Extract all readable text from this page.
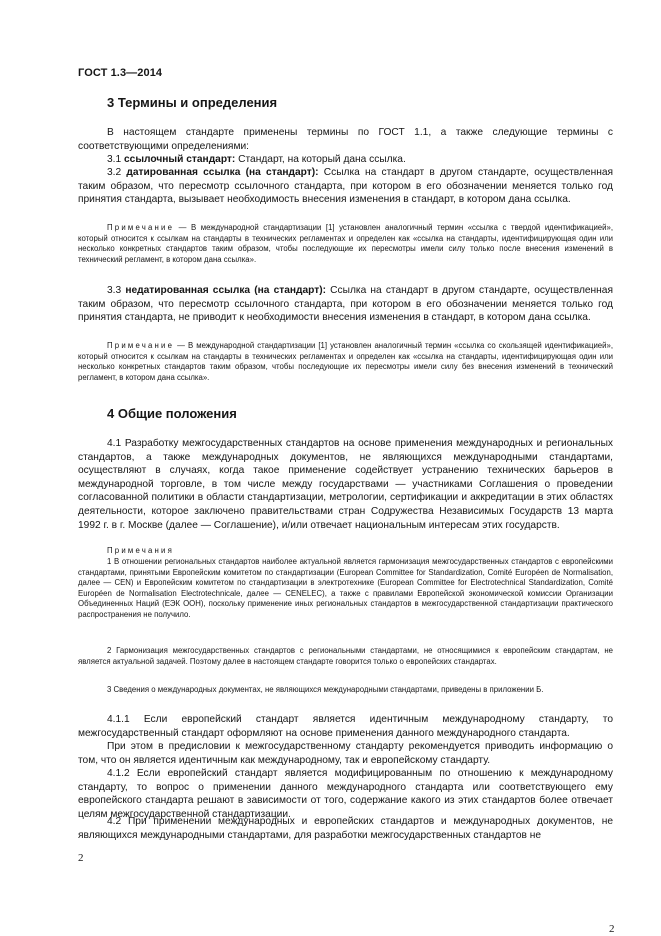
ГОСТ 1.3—2014
3 Термины и определения
В настоящем стандарте применены термины по ГОСТ 1.1, а также следующие термины с соответствующими определениями:
3.1 ссылочный стандарт: Стандарт, на который дана ссылка.
3.2 датированная ссылка (на стандарт): Ссылка на стандарт в другом стандарте, осуществленная таким образом, что пересмотр ссылочного стандарта, при котором в его обозначении меняется только год принятия стандарта, вызывает необходимость внесения изменения в стандарт, в котором дана ссылка.
Примечание — В международной стандартизации [1] установлен аналогичный термин «ссылка с твердой идентификацией», который относится к ссылкам на стандарты в технических регламентах и определен как «ссылка на стандарты, идентифицирующая один или несколько конкретных стандартов таким образом, чтобы последующие их пересмотры имели силу только после внесения изменений в технический регламент, в котором дана ссылка».
3.3 недатированная ссылка (на стандарт): Ссылка на стандарт в другом стандарте, осуществленная таким образом, что пересмотр ссылочного стандарта, при котором в его обозначении меняется только год принятия стандарта, не приводит к необходимости внесения изменения в стандарт, в котором дана ссылка.
Примечание — В международной стандартизации [1] установлен аналогичный термин «ссылка со скользящей идентификацией», который относится к ссылкам на стандарты в технических регламентах и определен как «ссылка на стандарты, идентифицирующая один или несколько конкретных стандартов таким образом, чтобы последующие их пересмотры имели силу без внесения изменений в технический регламент, в котором дана ссылка».
4 Общие положения
4.1 Разработку межгосударственных стандартов на основе применения международных и региональных стандартов, а также международных документов, не являющихся международными стандартами, осуществляют в случаях, когда такое применение содействует устранению технических барьеров в международной торговле, в том числе между государствами — участниками Соглашения о проведении согласованной политики в области стандартизации, метрологии, сертификации и аккредитации в этих областях деятельности, которое заключено правительствами стран Содружества Независимых Государств 13 марта 1992 г. в г. Москве (далее — Соглашение), и/или отвечает национальным интересам этих государств.
Примечания
1 В отношении региональных стандартов наиболее актуальной является гармонизация межгосударственных стандартов с европейскими стандартами, принятыми Европейским комитетом по стандартизации (European Committee for Standardization, Comité Européen de Normalisation, далее — CEN) и Европейским комитетом по стандартизации в электротехнике (European Committee for Electrotechnical Standardization, Comité Européen de Normalisation Electrotechnicale, далее — CENELEC), а также с правилами Европейской экономической комиссии Организации Объединенных Наций (ЕЭК ООН), поскольку применение иных региональных стандартов в межгосударственной стандартизации практического распространения не получило.
2 Гармонизация межгосударственных стандартов с региональными стандартами, не относящимися к европейским стандартам, не является актуальной задачей. Поэтому далее в настоящем стандарте говорится только о европейских стандартах.
3 Сведения о международных документах, не являющихся международными стандартами, приведены в приложении Б.
4.1.1 Если европейский стандарт является идентичным международному стандарту, то межгосударственный стандарт оформляют на основе применения данного международного стандарта.
При этом в предисловии к межгосударственному стандарту рекомендуется приводить информацию о том, что он является идентичным как международному, так и европейскому стандарту.
4.1.2 Если европейский стандарт является модифицированным по отношению к международному стандарту, то вопрос о применении данного международного стандарта или соответствующего ему европейского стандарта решают в зависимости от того, содержание какого из этих стандартов более отвечает целям межгосударственной стандартизации.
4.2 При применении международных и европейских стандартов и международных документов, не являющихся международными стандартами, для разработки межгосударственных стандартов не
2
2
